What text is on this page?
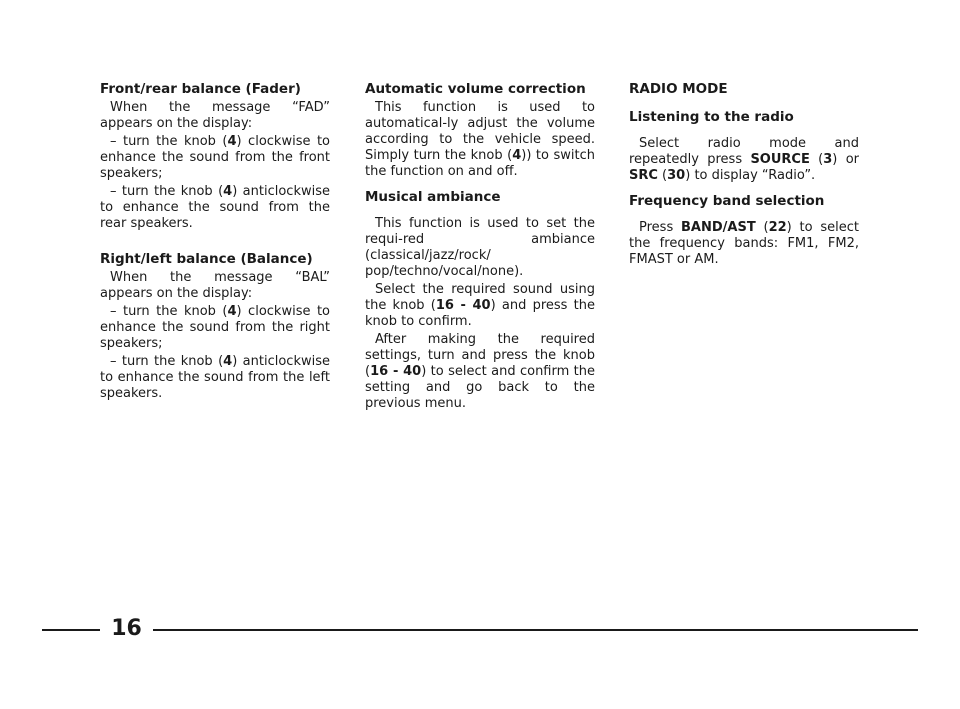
Front/rear balance (Fader)

When the message “FAD” appears on the display:

– turn the knob (4) clockwise to enhance the sound from the front speakers;

– turn the knob (4) anticlockwise to enhance the sound from the rear speakers.

Right/left balance (Balance)

When the message “BAL” appears on the display:

– turn the knob (4) clockwise to enhance the sound from the right speakers;

– turn the knob (4) anticlockwise to enhance the sound from the left speakers.

Automatic volume correction

This function is used to automatical-ly adjust the volume according to the vehicle speed. Simply turn the knob (4)) to switch the function on and off.

Musical ambiance

This function is used to set the requi-red ambiance (classical/jazz/rock/ pop/techno/vocal/none).

Select the required sound using the knob (16 - 40) and press the knob to confirm.

After making the required settings, turn and press the knob (16 - 40) to select and confirm the setting and go back to the previous menu.

RADIO MODE
Listening to the radio

Select radio mode and repeatedly press SOURCE (3) or SRC (30) to display “Radio”.

Frequency band selection

Press BAND/AST (22) to select the frequency bands: FM1, FM2, FMAST or AM.

16
